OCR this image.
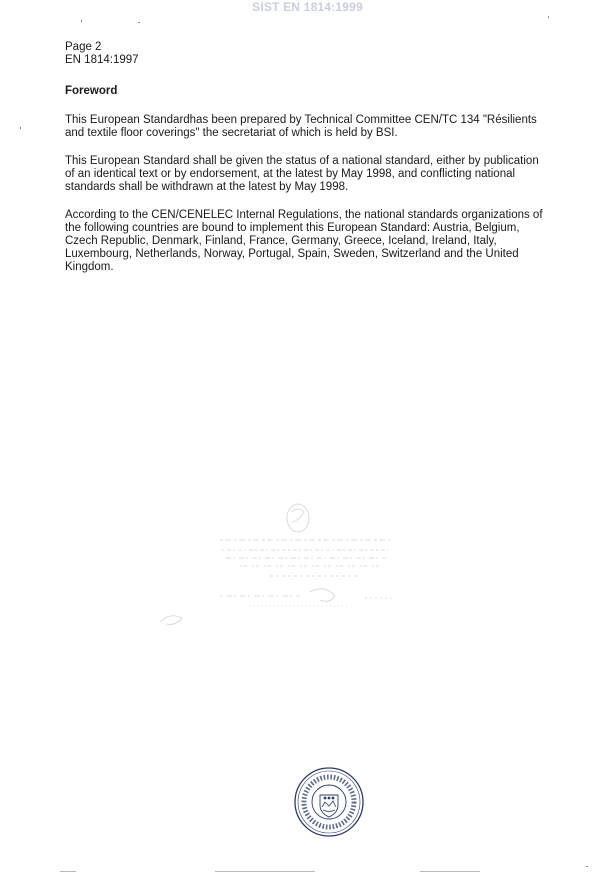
SIST EN 1814:1999
Page 2
EN 1814:1997
Foreword

This European Standardhas been prepared by Technical Committee CEN/TC 134 "Résilients and textile floor coverings" the secretariat of which is held by BSI.

This European Standard shall be given the status of a national standard, either by publication of an identical text or by endorsement, at the latest by May 1998, and conflicting national standards shall be withdrawn at the latest by May 1998.

According to the CEN/CENELEC Internal Regulations, the national standards organizations of the following countries are bound to implement this European Standard: Austria, Belgium, Czech Republic, Denmark, Finland, France, Germany, Greece, Iceland, Ireland, Italy, Luxembourg, Netherlands, Norway, Portugal, Spain, Sweden, Switzerland and the United Kingdom.
